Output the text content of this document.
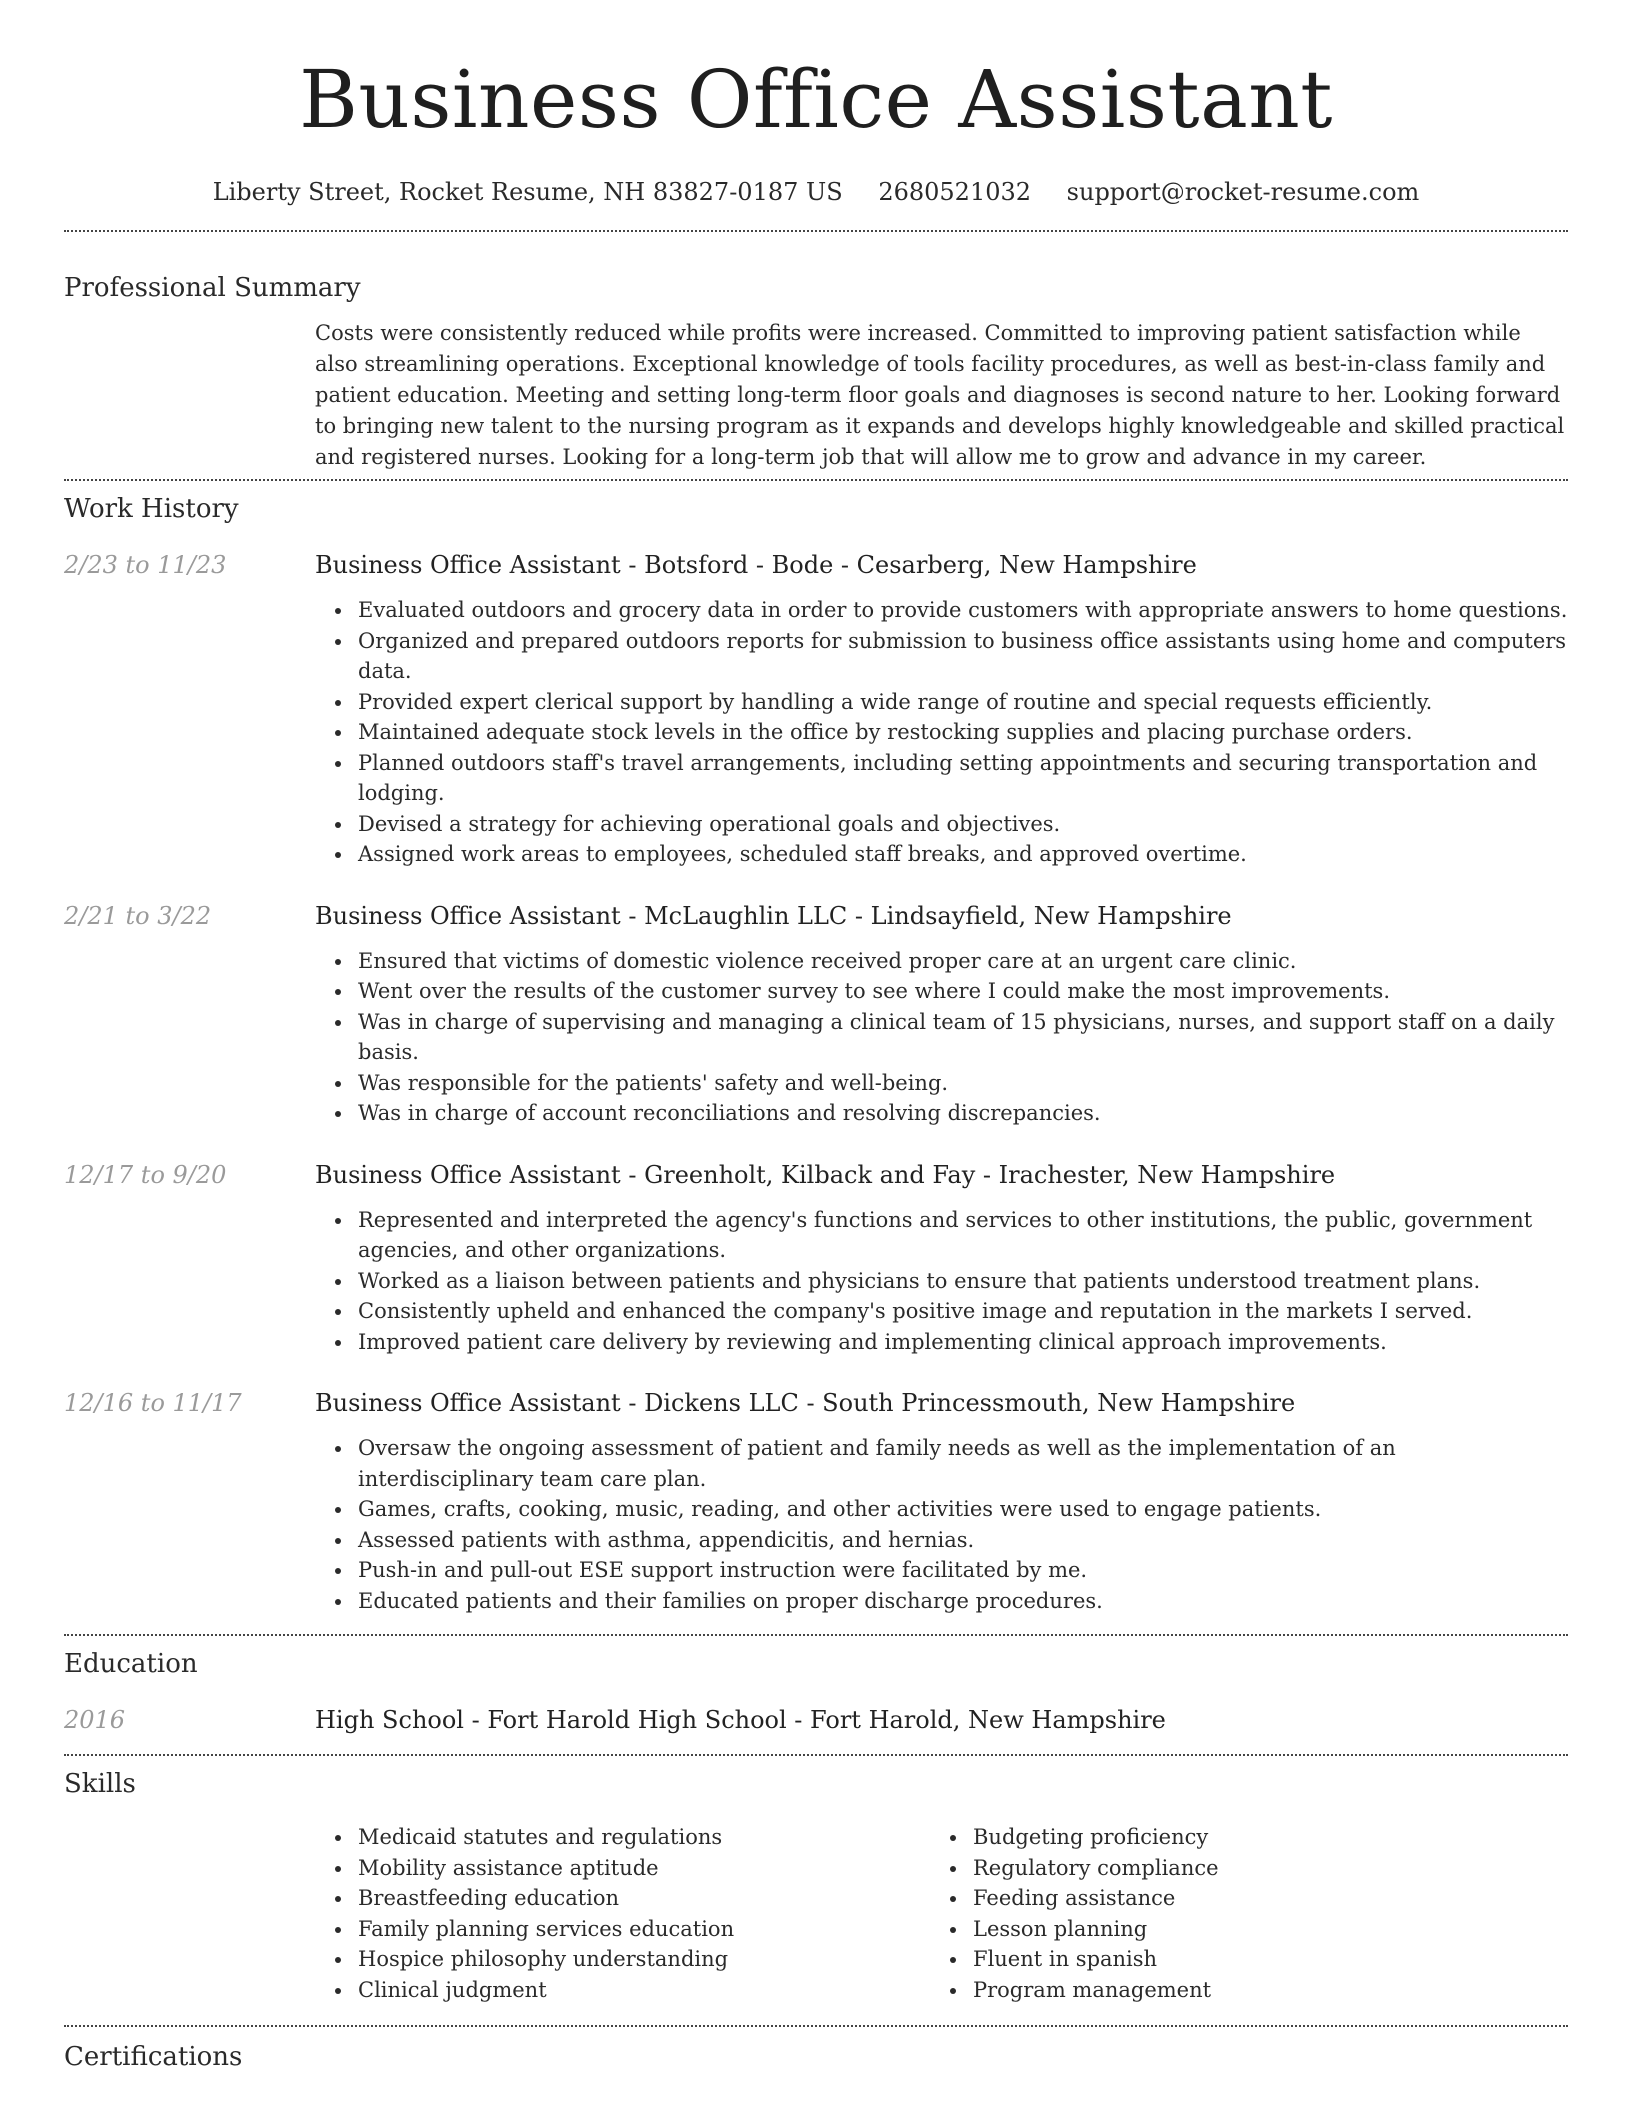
Business Office Assistant
Liberty Street, Rocket Resume, NH 83827-0187 US 2680521032 support@rocket-resume.com
Professional Summary
Costs were consistently reduced while profits were increased. Committed to improving patient satisfaction while also streamlining operations. Exceptional knowledge of tools facility procedures, as well as best-in-class family and patient education. Meeting and setting long-term floor goals and diagnoses is second nature to her. Looking forward to bringing new talent to the nursing program as it expands and develops highly knowledgeable and skilled practical and registered nurses. Looking for a long-term job that will allow me to grow and advance in my career.
Work History
2/23 to 11/23	Business Office Assistant - Botsford - Bode - Cesarberg, New Hampshire
Evaluated outdoors and grocery data in order to provide customers with appropriate answers to home questions.
Organized and prepared outdoors reports for submission to business office assistants using home and computers data.
Provided expert clerical support by handling a wide range of routine and special requests efficiently.
Maintained adequate stock levels in the office by restocking supplies and placing purchase orders.
Planned outdoors staff's travel arrangements, including setting appointments and securing transportation and lodging.
Devised a strategy for achieving operational goals and objectives.
Assigned work areas to employees, scheduled staff breaks, and approved overtime.
2/21 to 3/22	Business Office Assistant - McLaughlin LLC - Lindsayfield, New Hampshire
Ensured that victims of domestic violence received proper care at an urgent care clinic.
Went over the results of the customer survey to see where I could make the most improvements.
Was in charge of supervising and managing a clinical team of 15 physicians, nurses, and support staff on a daily basis.
Was responsible for the patients' safety and well-being.
Was in charge of account reconciliations and resolving discrepancies.
12/17 to 9/20	Business Office Assistant - Greenholt, Kilback and Fay - Irachester, New Hampshire
Represented and interpreted the agency's functions and services to other institutions, the public, government agencies, and other organizations.
Worked as a liaison between patients and physicians to ensure that patients understood treatment plans.
Consistently upheld and enhanced the company's positive image and reputation in the markets I served.
Improved patient care delivery by reviewing and implementing clinical approach improvements.
12/16 to 11/17	Business Office Assistant - Dickens LLC - South Princessmouth, New Hampshire
Oversaw the ongoing assessment of patient and family needs as well as the implementation of an interdisciplinary team care plan.
Games, crafts, cooking, music, reading, and other activities were used to engage patients.
Assessed patients with asthma, appendicitis, and hernias.
Push-in and pull-out ESE support instruction were facilitated by me.
Educated patients and their families on proper discharge procedures.
Education
2016	High School - Fort Harold High School - Fort Harold, New Hampshire
Skills
Medicaid statutes and regulations
Mobility assistance aptitude
Breastfeeding education
Family planning services education
Hospice philosophy understanding
Clinical judgment
Budgeting proficiency
Regulatory compliance
Feeding assistance
Lesson planning
Fluent in spanish
Program management
Certifications
